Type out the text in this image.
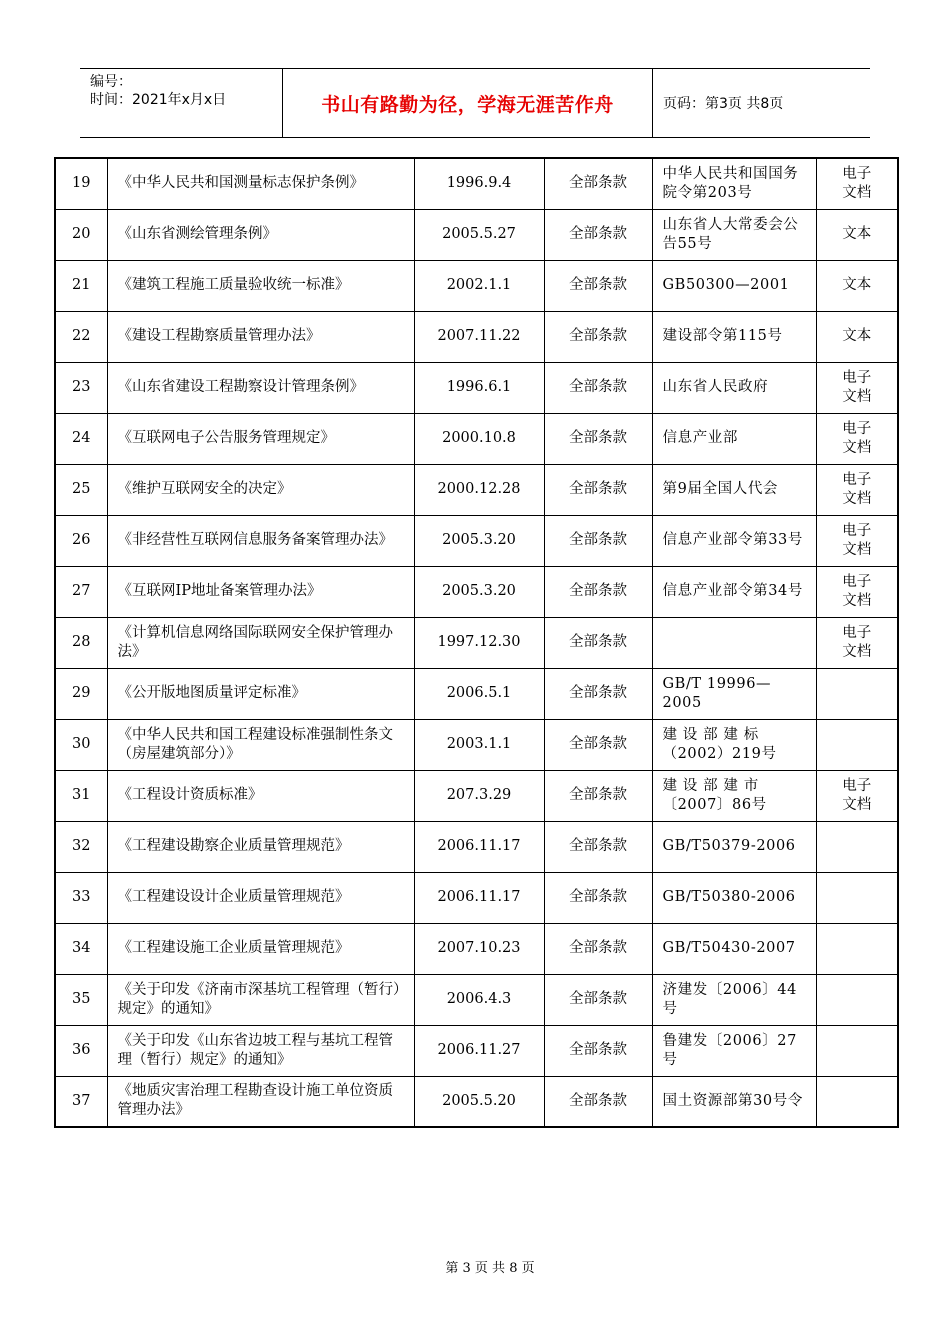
编号：
时间：2021年x月x日	书山有路勤为径，学海无涯苦作舟	页码：第3页 共8页
19	《中华人民共和国测量标志保护条例》	1996.9.4	全部条款	中华人民共和国国务院令第203号	电子
文档
20	《山东省测绘管理条例》	2005.5.27	全部条款	山东省人大常委会公告55号	文本
21	《建筑工程施工质量验收统一标准》	2002.1.1	全部条款	GB50300—2001	文本
22	《建设工程勘察质量管理办法》	2007.11.22	全部条款	建设部令第115号	文本
23	《山东省建设工程勘察设计管理条例》	1996.6.1	全部条款	山东省人民政府	电子
文档
24	《互联网电子公告服务管理规定》	2000.10.8	全部条款	信息产业部	电子
文档
25	《维护互联网安全的决定》	2000.12.28	全部条款	第9届全国人代会	电子
文档
26	《非经营性互联网信息服务备案管理办法》	2005.3.20	全部条款	信息产业部令第33号	电子
文档
27	《互联网IP地址备案管理办法》	2005.3.20	全部条款	信息产业部令第34号	电子
文档
28	《计算机信息网络国际联网安全保护管理办法》	1997.12.30	全部条款		电子
文档
29	《公开版地图质量评定标准》	2006.5.1	全部条款	GB/T 19996—2005	
30	《中华人民共和国工程建设标准强制性条文（房屋建筑部分）》	2003.1.1	全部条款	建 设 部 建 标（2002）219号	
31	《工程设计资质标准》	207.3.29	全部条款	建 设 部 建 市〔2007〕86号	电子
文档
32	《工程建设勘察企业质量管理规范》	2006.11.17	全部条款	GB/T50379-2006	
33	《工程建设设计企业质量管理规范》	2006.11.17	全部条款	GB/T50380-2006	
34	《工程建设施工企业质量管理规范》	2007.10.23	全部条款	GB/T50430-2007	
35	《关于印发《济南市深基坑工程管理（暂行）规定》的通知》	2006.4.3	全部条款	济建发〔2006〕44号	
36	《关于印发《山东省边坡工程与基坑工程管理（暂行）规定》的通知》	2006.11.27	全部条款	鲁建发〔2006〕27号	
37	《地质灾害治理工程勘查设计施工单位资质管理办法》	2005.5.20	全部条款	国土资源部第30号令	
第 3 页 共 8 页
